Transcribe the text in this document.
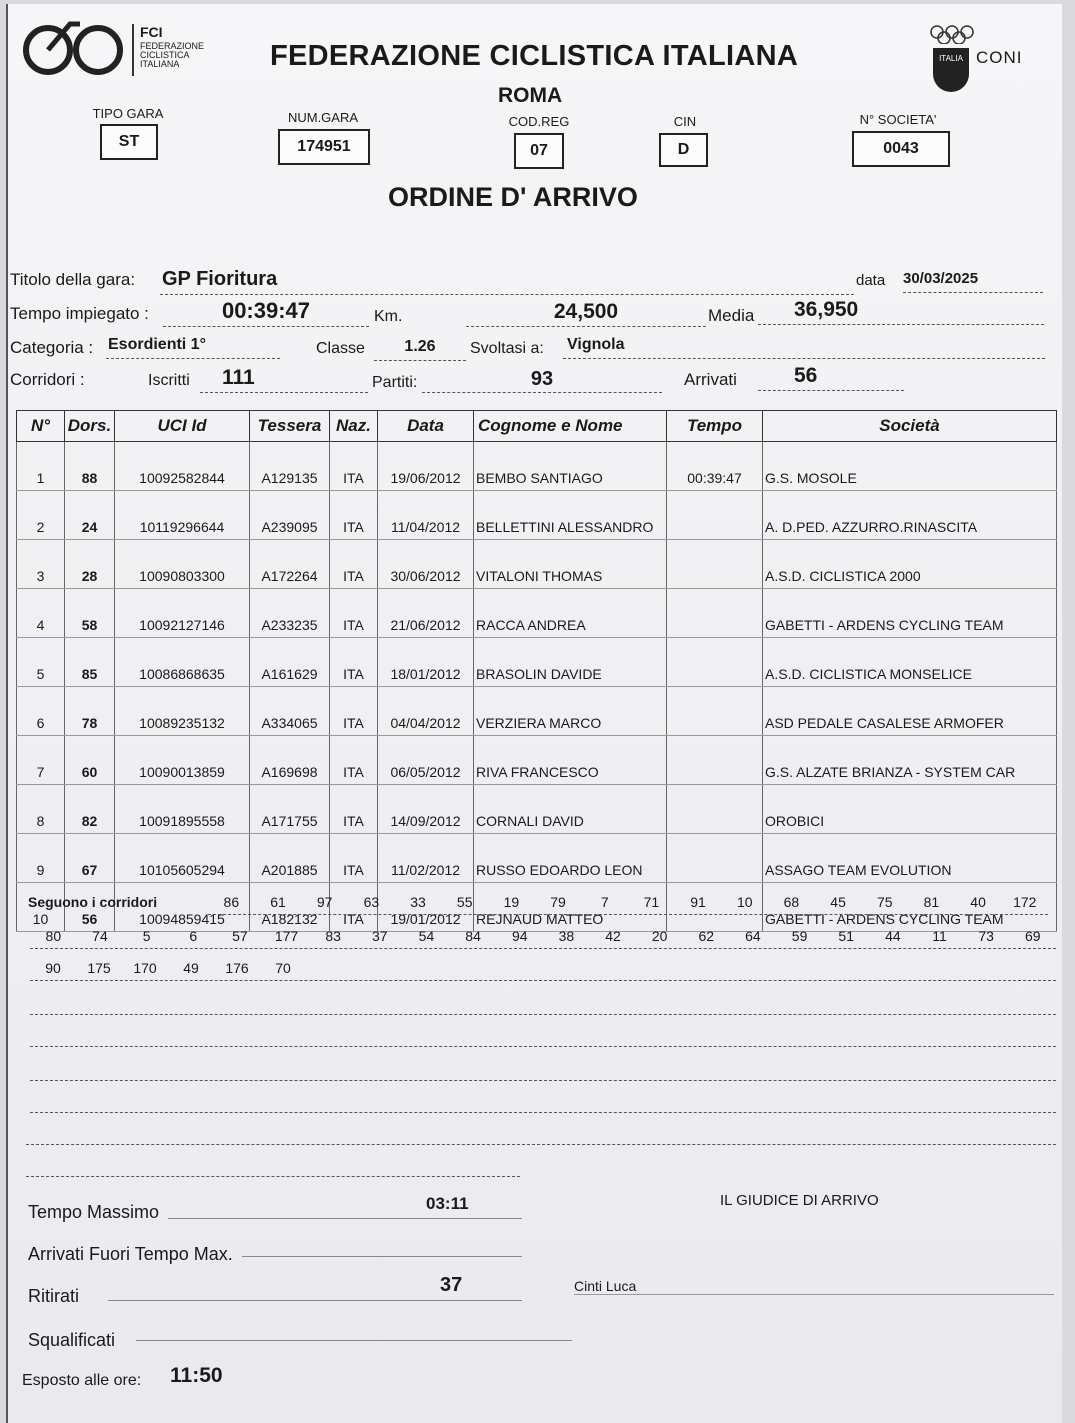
FCI
FEDERAZIONE
CICLISTICA
ITALIANA	FEDERAZIONE CICLISTICA ITALIANA
ROMA
ITALIA CONI
TIPO GARA
ST
NUM.GARA
174951
COD.REG
07
CIN
D
N° SOCIETA'
0043
ORDINE D' ARRIVO
Titolo della gara: GP Fioritura	data 30/03/2025
Tempo impiegato :	00:39:47	Km.	24,500	Media	36,950
Categoria : Esordienti 1°	Classe	1.26	Svoltasi a: Vignola
Corridori :	Iscritti	111	Partiti:	93	Arrivati	56
N°	Dors.	UCI Id	Tessera	Naz.	Data	Cognome e Nome	Tempo	Società
1	88	10092582844	A129135	ITA	19/06/2012	BEMBO SANTIAGO	00:39:47	G.S. MOSOLE
2	24	10119296644	A239095	ITA	11/04/2012	BELLETTINI ALESSANDRO		A. D.PED. AZZURRO.RINASCITA
3	28	10090803300	A172264	ITA	30/06/2012	VITALONI THOMAS		A.S.D. CICLISTICA 2000
4	58	10092127146	A233235	ITA	21/06/2012	RACCA ANDREA		GABETTI - ARDENS CYCLING TEAM
5	85	10086868635	A161629	ITA	18/01/2012	BRASOLIN DAVIDE		A.S.D. CICLISTICA MONSELICE
6	78	10089235132	A334065	ITA	04/04/2012	VERZIERA MARCO		ASD PEDALE CASALESE ARMOFER
7	60	10090013859	A169698	ITA	06/05/2012	RIVA FRANCESCO		G.S. ALZATE BRIANZA - SYSTEM CAR
8	82	10091895558	A171755	ITA	14/09/2012	CORNALI DAVID		OROBICI
9	67	10105605294	A201885	ITA	11/02/2012	RUSSO EDOARDO LEON		ASSAGO TEAM EVOLUTION
10	56	10094859415	A182132	ITA	19/01/2012	REJNAUD MATTEO		GABETTI - ARDENS CYCLING TEAM
Seguono i corridori	86	61	97	63	33	55	19	79	7	71	91	10	68	45	75	81	40	172
80	74	5	6	57	177	83	37	54	84	94	38	42	20	62	64	59	51	44	11	73	69
90	175	170	49	176	70
Tempo Massimo	03:11	IL GIUDICE DI ARRIVO
Arrivati Fuori Tempo Max.
Ritirati	37	Cinti Luca
Squalificati
Esposto alle ore: 11:50
